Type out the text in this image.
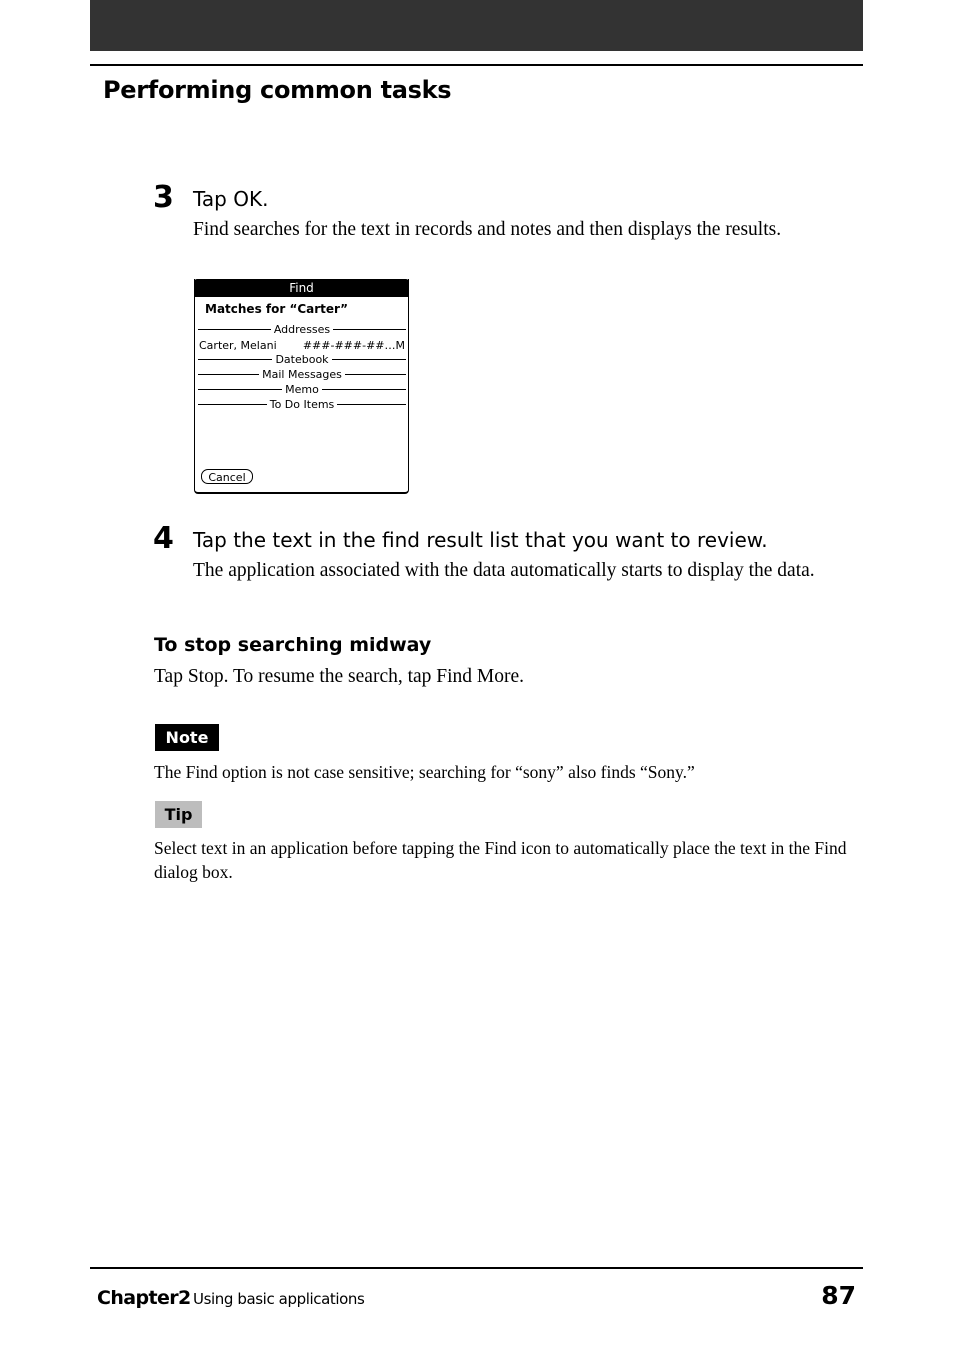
Performing common tasks
3 Tap OK.
Find searches for the text in records and notes and then displays the results.
Find
Matches for “Carter”
Addresses
Carter, Melani ###-###-##…M
Datebook
Mail Messages
Memo
To Do Items
Cancel
4 Tap the text in the find result list that you want to review.
The application associated with the data automatically starts to display the data.
To stop searching midway
Tap Stop. To resume the search, tap Find More.
Note
The Find option is not case sensitive; searching for “sony” also finds “Sony.”
Tip
Select text in an application before tapping the Find icon to automatically place the text in the Find dialog box.
Chapter2 Using basic applications	87
